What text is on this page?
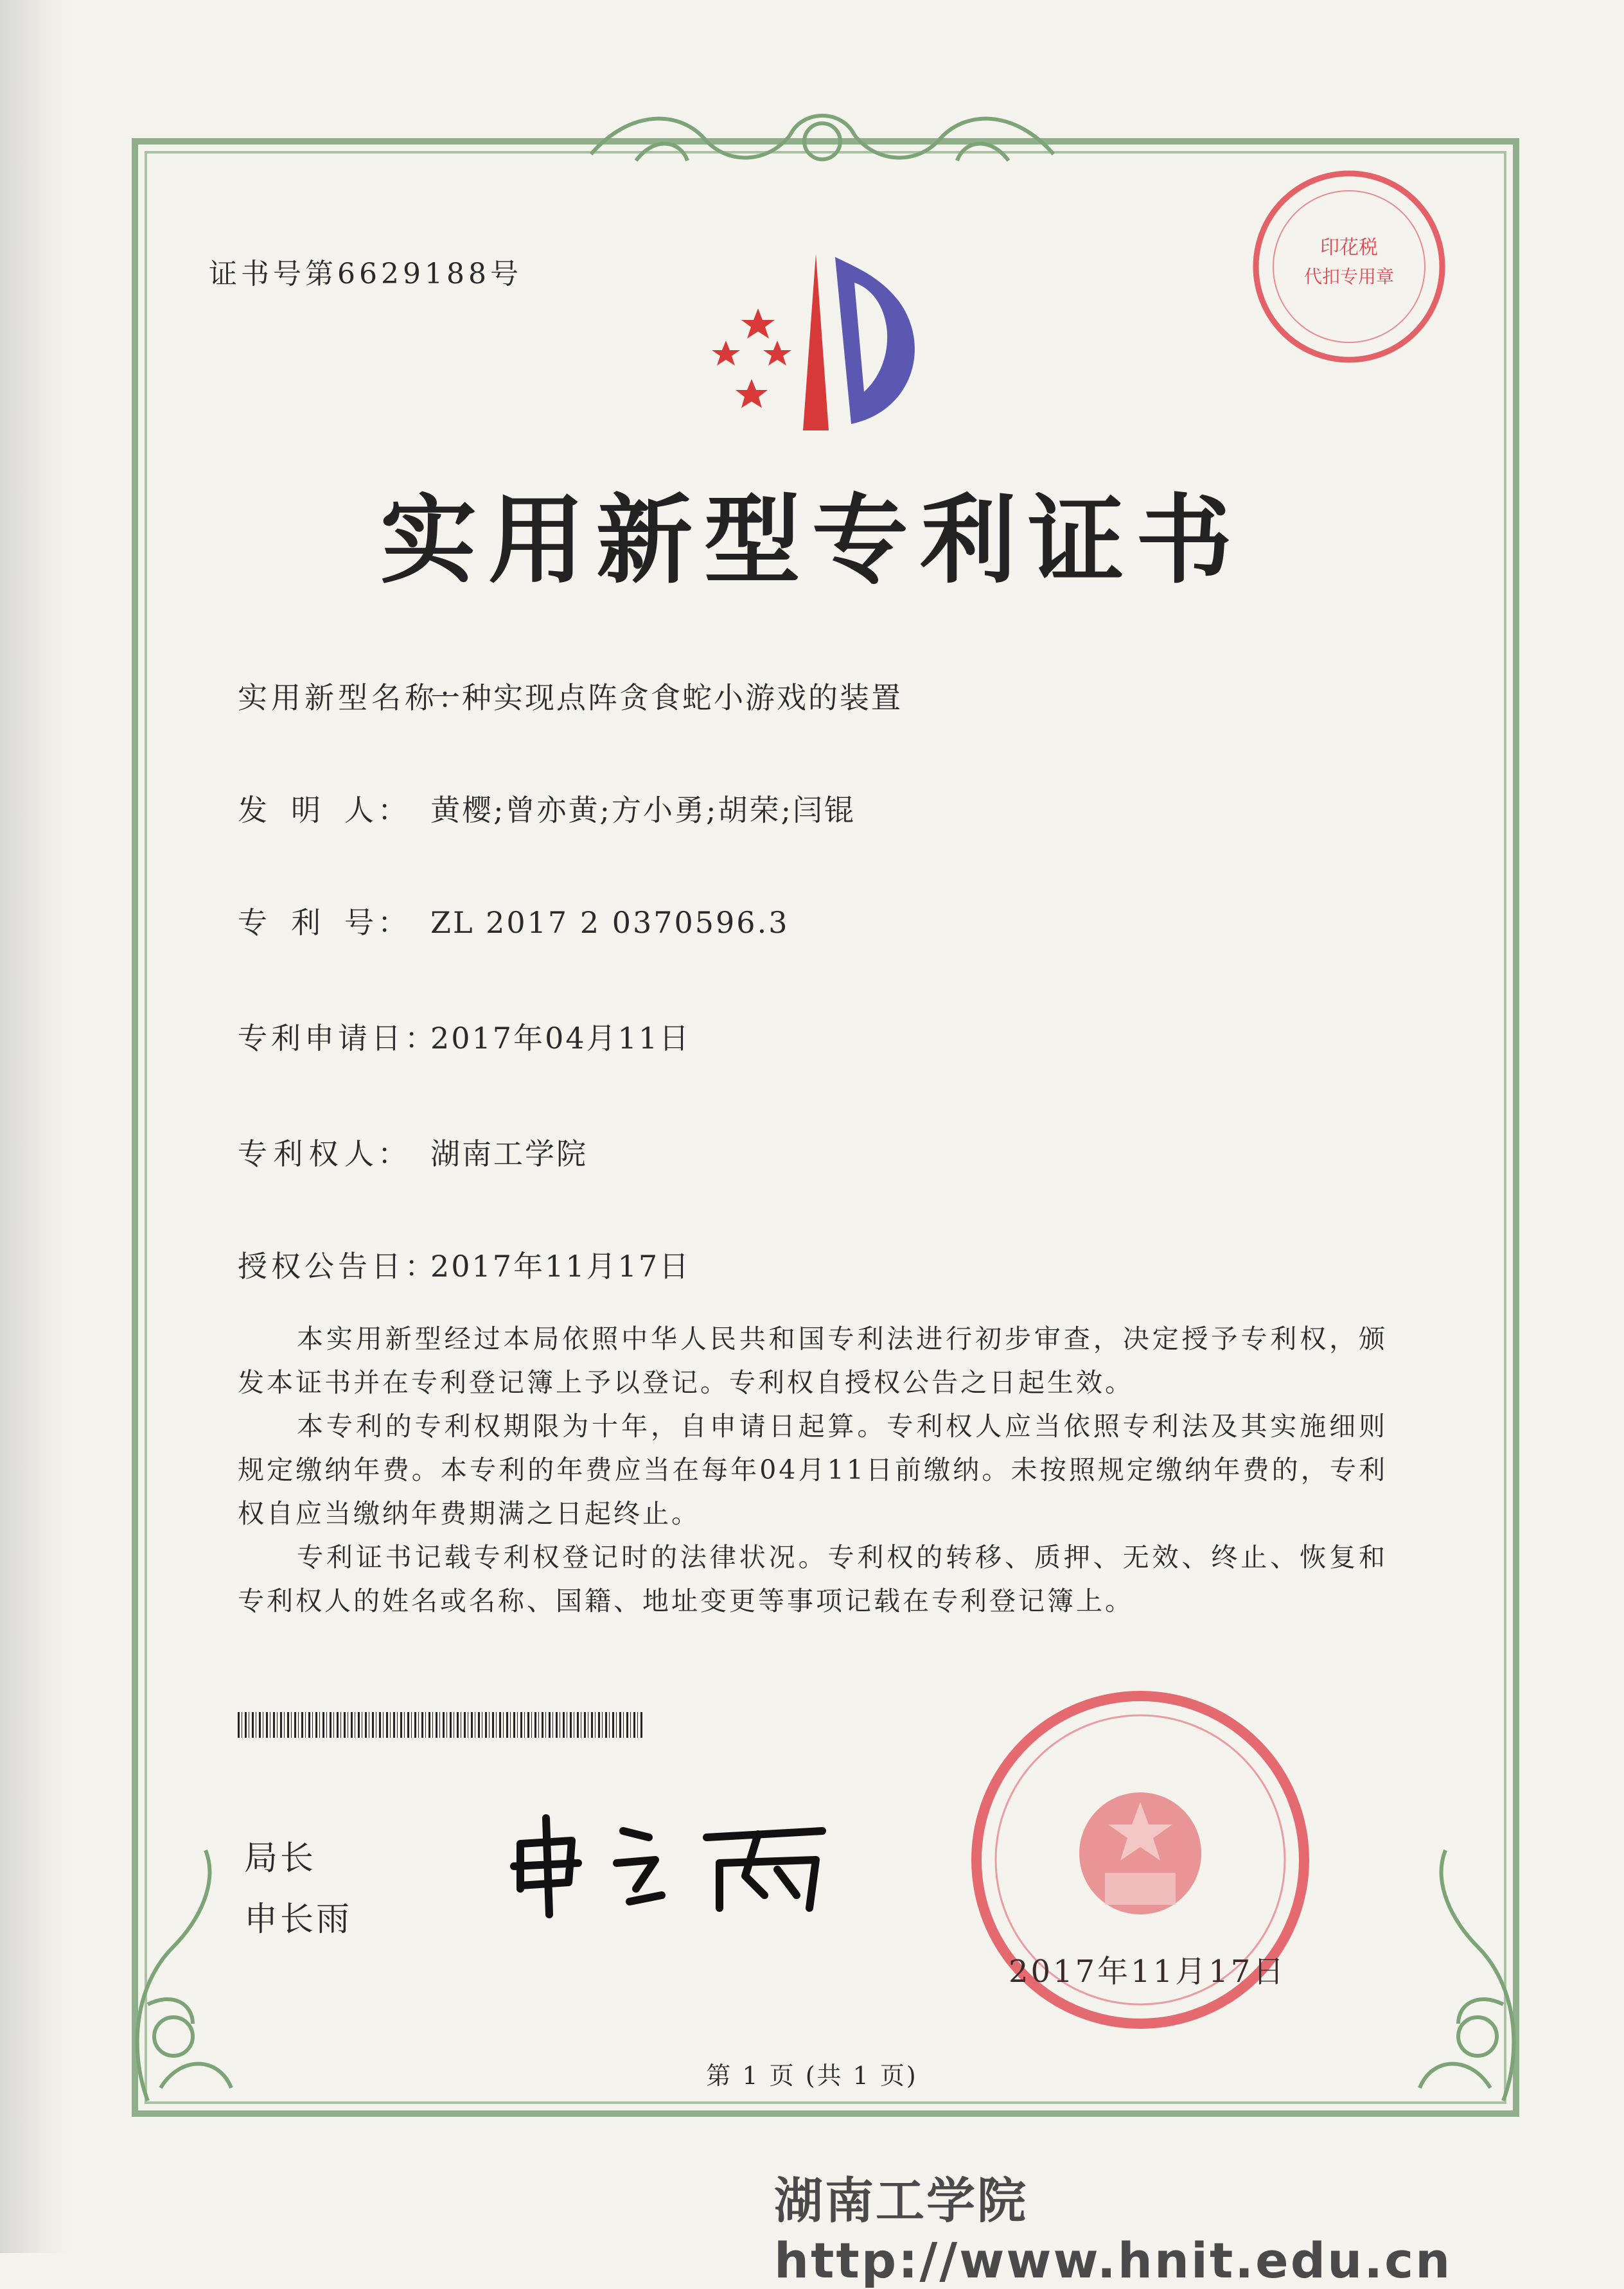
证书号第6629188号
印花税
代扣专用章
实用新型专利证书
实用新型名称：一种实现点阵贪食蛇小游戏的装置
发 明 人： 黄樱;曾亦黄;方小勇;胡荣;闫锟
专 利 号： ZL 2017 2 0370596.3
专利申请日：2017年04月11日
专 利 权 人： 湖南工学院
授权公告日：2017年11月17日

本实用新型经过本局依照中华人民共和国专利法进行初步审查，决定授予专利权，颁发本证书并在专利登记簿上予以登记。专利权自授权公告之日起生效。

本专利的专利权期限为十年，自申请日起算。专利权人应当依照专利法及其实施细则规定缴纳年费。本专利的年费应当在每年04月11日前缴纳。未按照规定缴纳年费的，专利权自应当缴纳年费期满之日起终止。

专利证书记载专利权登记时的法律状况。专利权的转移、质押、无效、终止、恢复和专利权人的姓名或名称、国籍、地址变更等事项记载在专利登记簿上。

局长
申长雨
2017年11月17日
第 1 页 (共 1 页)
湖南工学院http://www.hnit.edu.cn
